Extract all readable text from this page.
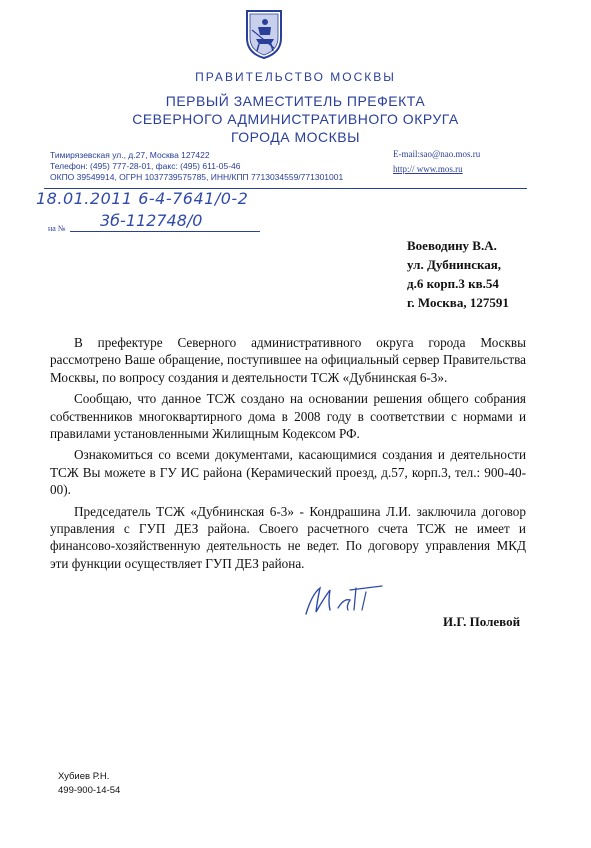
ПРАВИТЕЛЬСТВО МОСКВЫ
ПЕРВЫЙ ЗАМЕСТИТЕЛЬ ПРЕФЕКТА
СЕВЕРНОГО АДМИНИСТРАТИВНОГО ОКРУГА
ГОРОДА МОСКВЫ
Тимирязевская ул., д.27, Москва 127422
Телефон: (495) 777-28-01, факс: (495) 611-05-46
ОКПО 39549914, ОГРН 1037739575785, ИНН/КПП 7713034559/771301001
E-mail:sao@nao.mos.ru
http:// www.mos.ru
18.01.2011 6-4-7641/0-2
на № 3б-112748/0
Воеводину В.А.
ул. Дубнинская,
д.6 корп.3 кв.54
г. Москва, 127591

В префектуре Северного административного округа города Москвы рассмотрено Ваше обращение, поступившее на официальный сервер Правительства Москвы, по вопросу создания и деятельности ТСЖ «Дубнинская 6-3».

Сообщаю, что данное ТСЖ создано на основании решения общего собрания собственников многоквартирного дома в 2008 году в соответствии с нормами и правилами установленными Жилищным Кодексом РФ.

Ознакомиться со всеми документами, касающимися создания и деятельности ТСЖ Вы можете в ГУ ИС района (Керамический проезд, д.57, корп.3, тел.: 900-40-00).

Председатель ТСЖ «Дубнинская 6-3» - Кондрашина Л.И. заключила договор управления с ГУП ДЕЗ района. Своего расчетного счета ТСЖ не имеет и финансово-хозяйственную деятельность не ведет. По договору управления МКД эти функции осуществляет ГУП ДЕЗ района.

И.Г. Полевой
Хубиев Р.Н.
499-900-14-54
